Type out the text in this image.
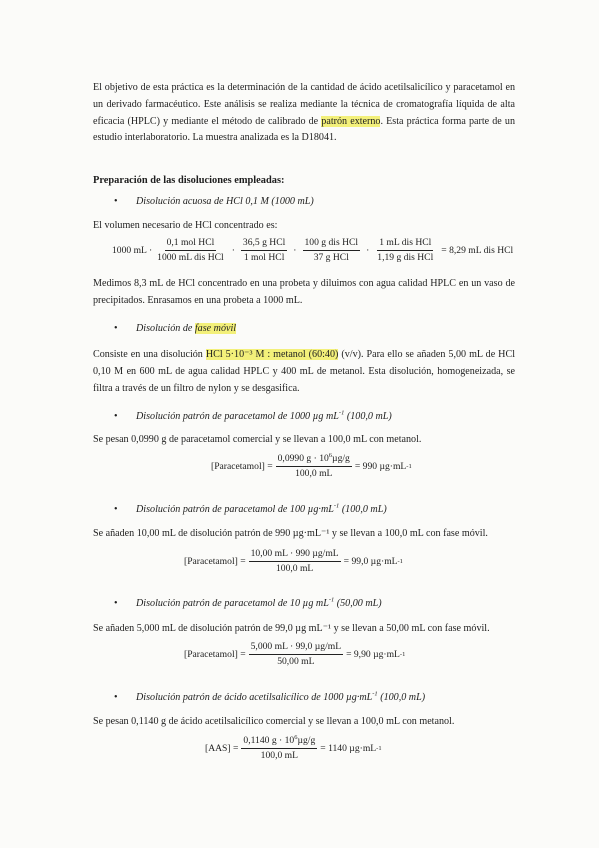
El objetivo de esta práctica es la determinación de la cantidad de ácido acetilsalicílico y paracetamol en un derivado farmacéutico. Este análisis se realiza mediante la técnica de cromatografía líquida de alta eficacia (HPLC) y mediante el método de calibrado de patrón externo. Esta práctica forma parte de un estudio interlaboratorio. La muestra analizada es la D18041.

Preparación de las disoluciones empleadas:

• Disolución acuosa de HCl 0,1 M (1000 mL)

El volumen necesario de HCl concentrado es:

1000 mL · $\frac{\text{0,1 mol HCl}}{\text{1000 mL dis HCl}} \cdot \frac{\text{36,5 g HCl}}{\text{1 mol HCl}} \cdot \frac{\text{100 g dis HCl}}{\text{37 g HCl}} \cdot \frac{\text{1 mL dis HCl}}{\text{1,19 g dis HCl}} = 8,29$ mL dis HCl

Medimos 8,3 mL de HCl concentrado en una probeta y diluimos con agua calidad HPLC en un vaso de precipitados. Enrasamos en una probeta a 1000 mL.

• Disolución de fase móvil

Consiste en una disolución HCl 5·10⁻³ M : metanol (60:40) (v/v). Para ello se añaden 5,00 mL de HCl 0,10 M en 600 mL de agua calidad HPLC y 400 mL de metanol. Esta disolución, homogeneizada, se filtra a través de un filtro de nylon y se desgasifica.

• Disolución patrón de paracetamol de 1000 µg $mL^{-1}$ (100,0 mL)

Se pesan 0,0990 g de paracetamol comercial y se llevan a 100,0 mL con metanol.

[Paracetamol] = $\frac{0,0990 g \cdot 10^6\mu g/g}{100,0 mL} = 990$ µg·mL -1
• Disolución patrón de paracetamol de 100 $\mu g\cdot mL^{-1}$ (100,0 mL)

Se añaden 10,00 mL de disolución patrón de 990 µg·mL⁻¹ y se llevan a 100,0 mL con fase móvil.

[Paracetamol] = $\frac{\text{10,00 mL · 990 µg/mL}}{100,0 mL} = 99,0$ µg·mL -1
• Disolución patrón de paracetamol de 10 µg $mL^{-1}$ (50,00 mL)

Se añaden 5,000 mL de disolución patrón de 99,0 µg mL⁻¹ y se llevan a 50,00 mL con fase móvil.

[Paracetamol] = $\frac{\text{5,000 mL · 99,0 µg/mL}}{50,00 mL} = 9,90$ µg·mL -1
• Disolución patrón de ácido acetilsalicílico de 1000 $\mu g\cdot mL^{-1}$ (100,0 mL)

Se pesan 0,1140 g de ácido acetilsalicílico comercial y se llevan a 100,0 mL con metanol.

$[AAS] = \frac{0,1140 g \cdot 10^6\mu g/g}{100,0 mL} = 1140$ µg·mL -1
